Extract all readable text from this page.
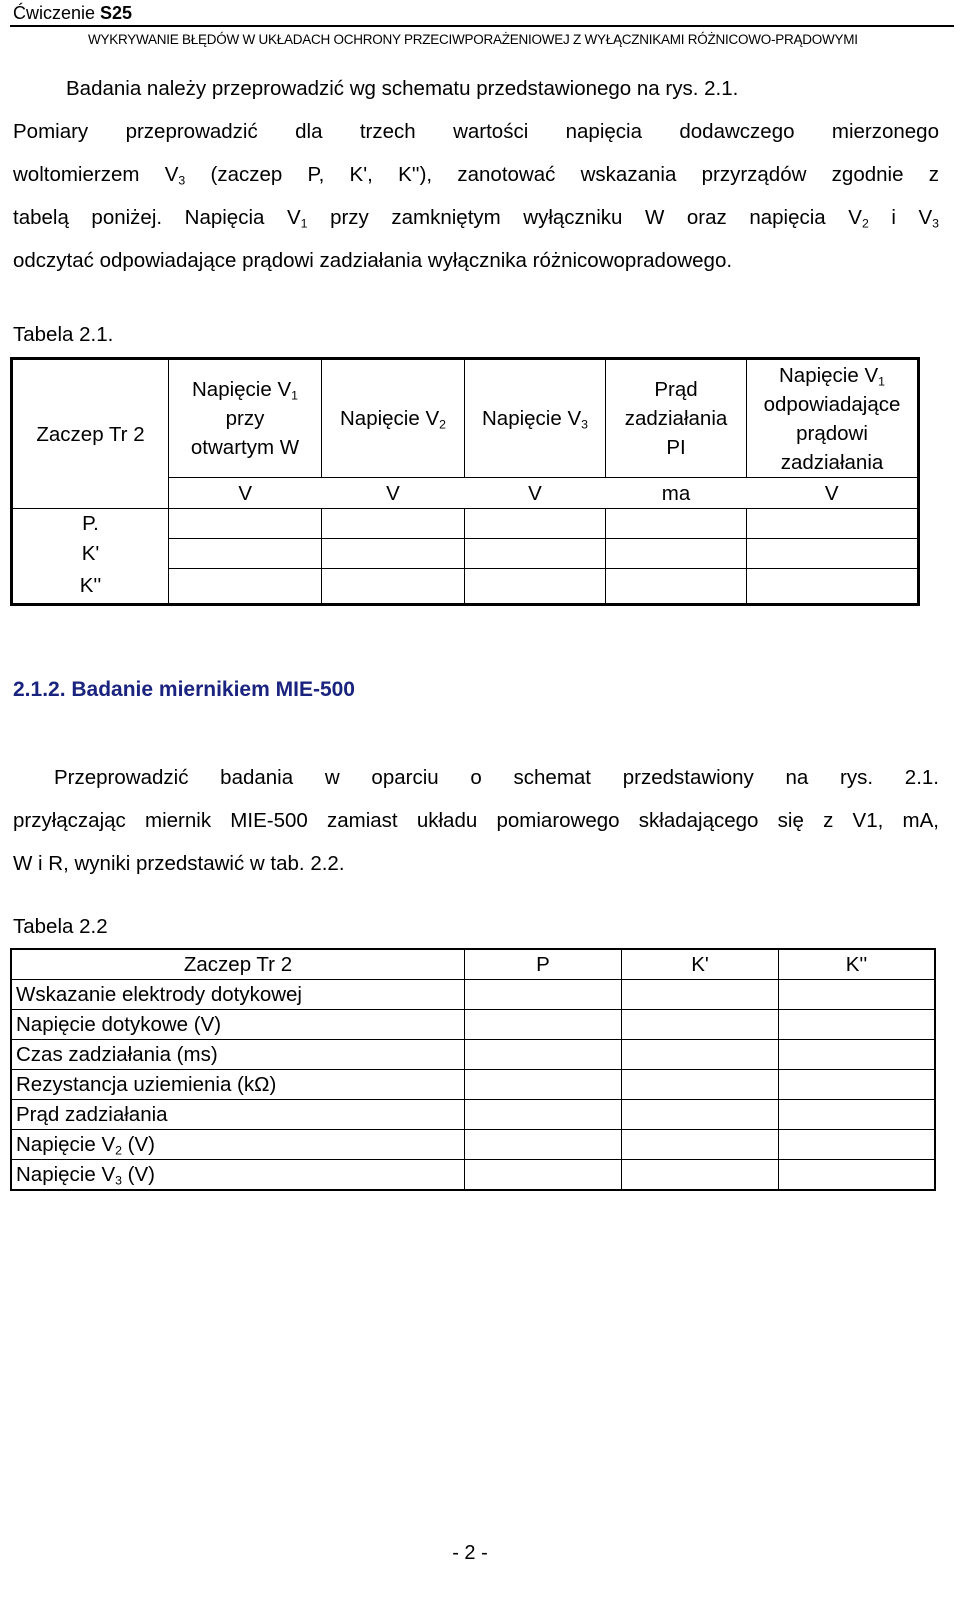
Ćwiczenie S25
WYKRYWANIE BŁĘDÓW W UKŁADACH OCHRONY PRZECIWPORAŻENIOWEJ Z WYŁĄCZNIKAMI RÓŻNICOWO-PRĄDOWYMI
Badania należy przeprowadzić wg schematu przedstawionego na rys. 2.1.
Pomiary przeprowadzić dla trzech wartości napięcia dodawczego mierzonego
woltomierzem $V_3$ (zaczep P, K', K''), zanotować wskazania przyrządów zgodnie z
tabelą poniżej. Napięcia $V_1$ przy zamkniętym wyłączniku W oraz napięcia $V_2$ i $V_3$
odczytać odpowiadające prądowi zadziałania wyłącznika różnicowopradowego.
Tabela 2.1.
Zaczep Tr 2	Napięcie $V_1$
przy
otwartym W	Napięcie $V_2$	Napięcie $V_3$	Prąd
zadziałania
PI	Napięcie $V_1$
odpowiadające
prądowi
zadziałania
	V	V	V	ma	V
P.					
K'					
K''					
2.1.2. Badanie miernikiem MIE-500
Przeprowadzić badania w oparciu o schemat przedstawiony na rys. 2.1.
przyłączając miernik MIE-500 zamiast układu pomiarowego składającego się z V1, mA,
W i R, wyniki przedstawić w tab. 2.2.
Tabela 2.2
Zaczep Tr 2	P	K'	K''
Wskazanie elektrody dotykowej			
Napięcie dotykowe (V)			
Czas zadziałania (ms)			
Rezystancja uziemienia (kΩ)			
Prąd zadziałania			
Napięcie $V_2$ (V)			
Napięcie $V_3$ (V)			
- 2 -
